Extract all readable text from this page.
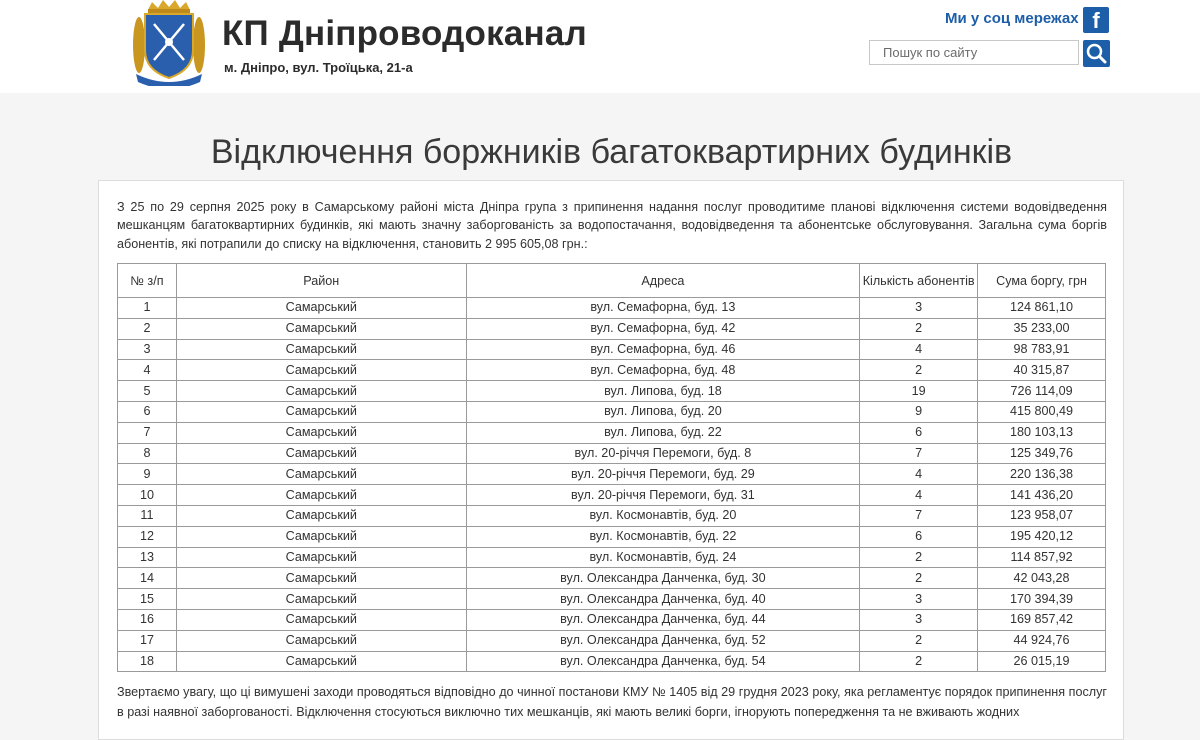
КП Дніпроводоканал
м. Дніпро, вул. Троїцька, 21-а
Ми у соц мережах f
Пошук по сайту
Відключення боржників багатоквартирних будинків
З 25 по 29 серпня 2025 року в Самарському районі міста Дніпра група з припинення надання послуг проводитиме планові відключення системи водовідведення мешканцям багатоквартирних будинків, які мають значну заборгованість за водопостачання, водовідведення та абонентське обслуговування. Загальна сума боргів абонентів, які потрапили до списку на відключення, становить 2 995 605,08 грн.:
№ з/п	Район	Адреса	Кількість абонентів	Сума боргу, грн
1	Самарський	вул. Семафорна, буд. 13	3	124 861,10
2	Самарський	вул. Семафорна, буд. 42	2	35 233,00
3	Самарський	вул. Семафорна, буд. 46	4	98 783,91
4	Самарський	вул. Семафорна, буд. 48	2	40 315,87
5	Самарський	вул. Липова, буд. 18	19	726 114,09
6	Самарський	вул. Липова, буд. 20	9	415 800,49
7	Самарський	вул. Липова, буд. 22	6	180 103,13
8	Самарський	вул. 20-річчя Перемоги, буд. 8	7	125 349,76
9	Самарський	вул. 20-річчя Перемоги, буд. 29	4	220 136,38
10	Самарський	вул. 20-річчя Перемоги, буд. 31	4	141 436,20
11	Самарський	вул. Космонавтів, буд. 20	7	123 958,07
12	Самарський	вул. Космонавтів, буд. 22	6	195 420,12
13	Самарський	вул. Космонавтів, буд. 24	2	114 857,92
14	Самарський	вул. Олександра Данченка, буд. 30	2	42 043,28
15	Самарський	вул. Олександра Данченка, буд. 40	3	170 394,39
16	Самарський	вул. Олександра Данченка, буд. 44	3	169 857,42
17	Самарський	вул. Олександра Данченка, буд. 52	2	44 924,76
18	Самарський	вул. Олександра Данченка, буд. 54	2	26 015,19
Звертаємо увагу, що ці вимушені заходи проводяться відповідно до чинної постанови КМУ № 1405 від 29 грудня 2023 року, яка регламентує порядок припинення послуг в разі наявної заборгованості. Відключення стосуються виключно тих мешканців, які мають великі борги, ігнорують попередження та не вживають жодних
